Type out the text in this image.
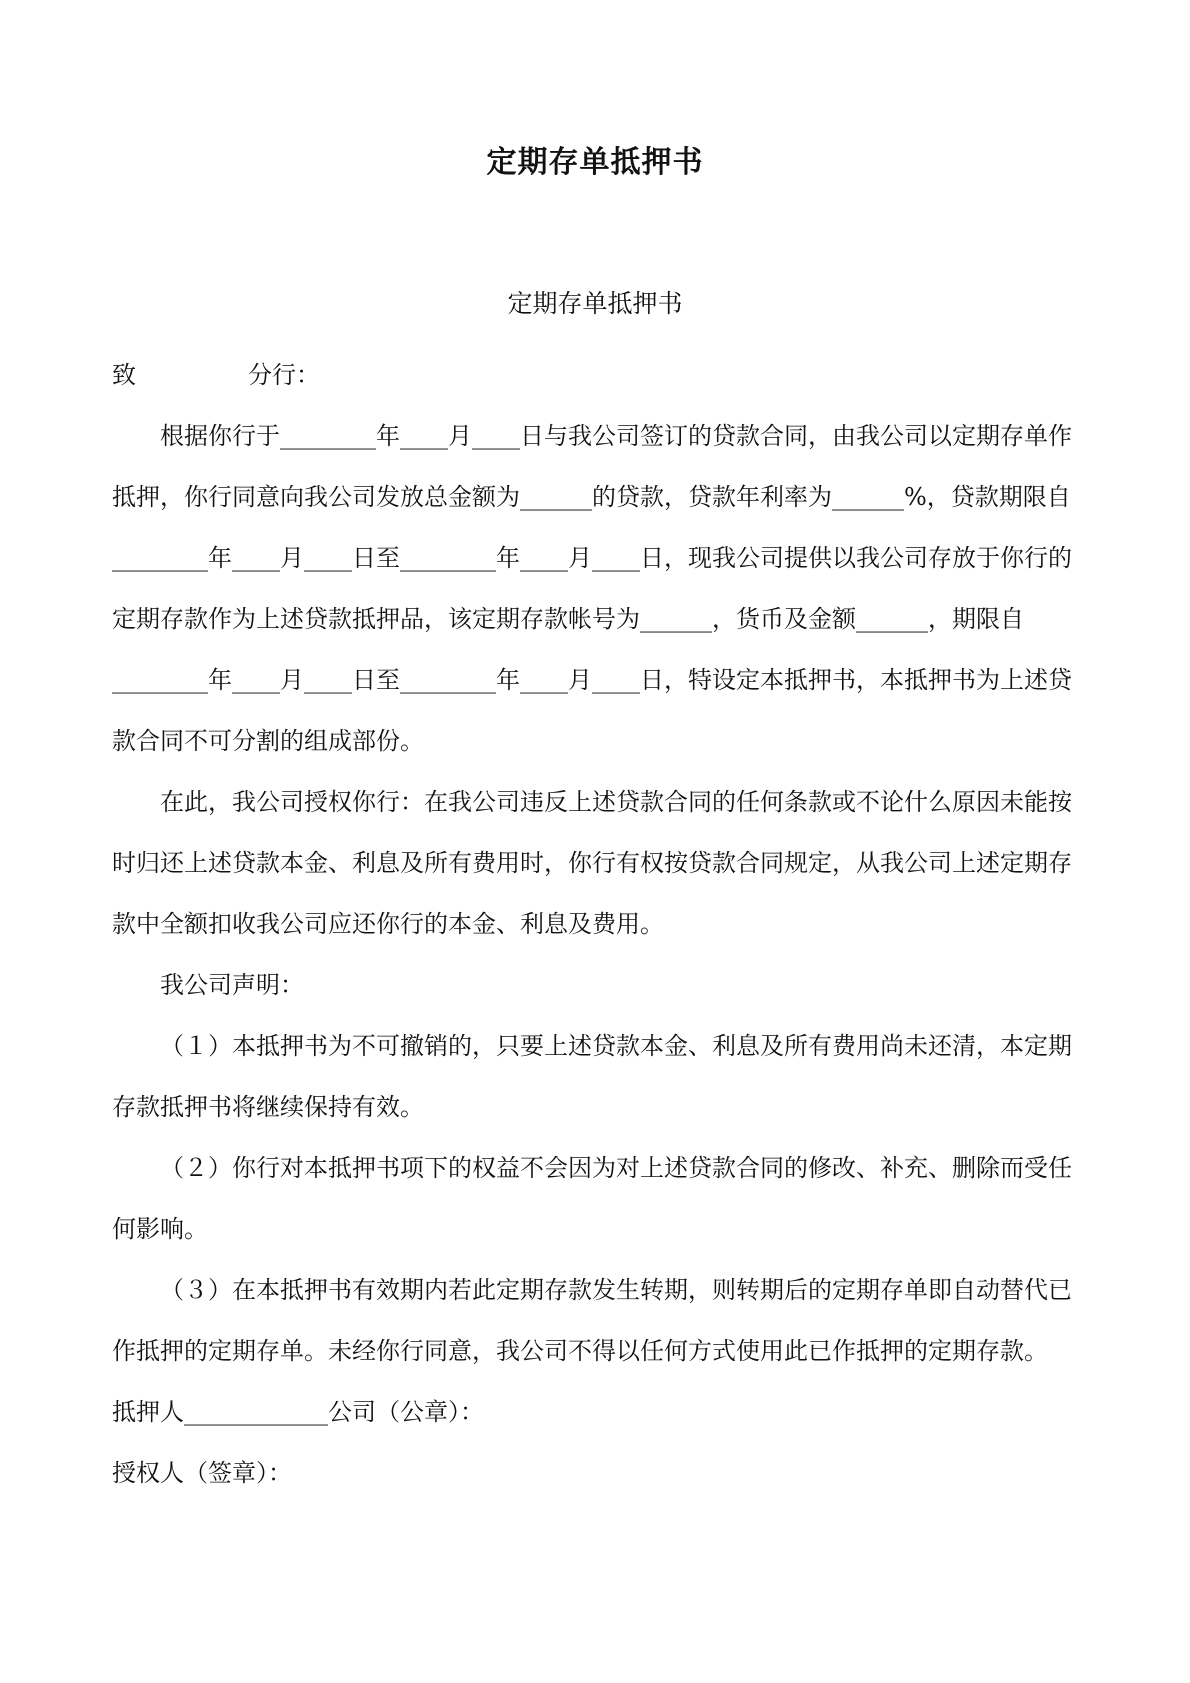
定期存单抵押书
定期存单抵押书

致	分行：

根据你行于________年____月____日与我公司签订的贷款合同，由我公司以定期存单作抵押，你行同意向我公司发放总金额为______的贷款，贷款年利率为______%，贷款期限自________年____月____日至________年____月____日，现我公司提供以我公司存放于你行的定期存款作为上述贷款抵押品，该定期存款帐号为______，货币及金额______，期限自________年____月____日至________年____月____日，特设定本抵押书，本抵押书为上述贷款合同不可分割的组成部份。

在此，我公司授权你行：在我公司违反上述贷款合同的任何条款或不论什么原因未能按时归还上述贷款本金、利息及所有费用时，你行有权按贷款合同规定，从我公司上述定期存款中全额扣收我公司应还你行的本金、利息及费用。

我公司声明：

（１）本抵押书为不可撤销的，只要上述贷款本金、利息及所有费用尚未还清，本定期存款抵押书将继续保持有效。

（２）你行对本抵押书项下的权益不会因为对上述贷款合同的修改、补充、删除而受任何影响。

（３）在本抵押书有效期内若此定期存款发生转期，则转期后的定期存单即自动替代已作抵押的定期存单。未经你行同意，我公司不得以任何方式使用此已作抵押的定期存款。

抵押人____________公司（公章）：

授权人（签章）：
